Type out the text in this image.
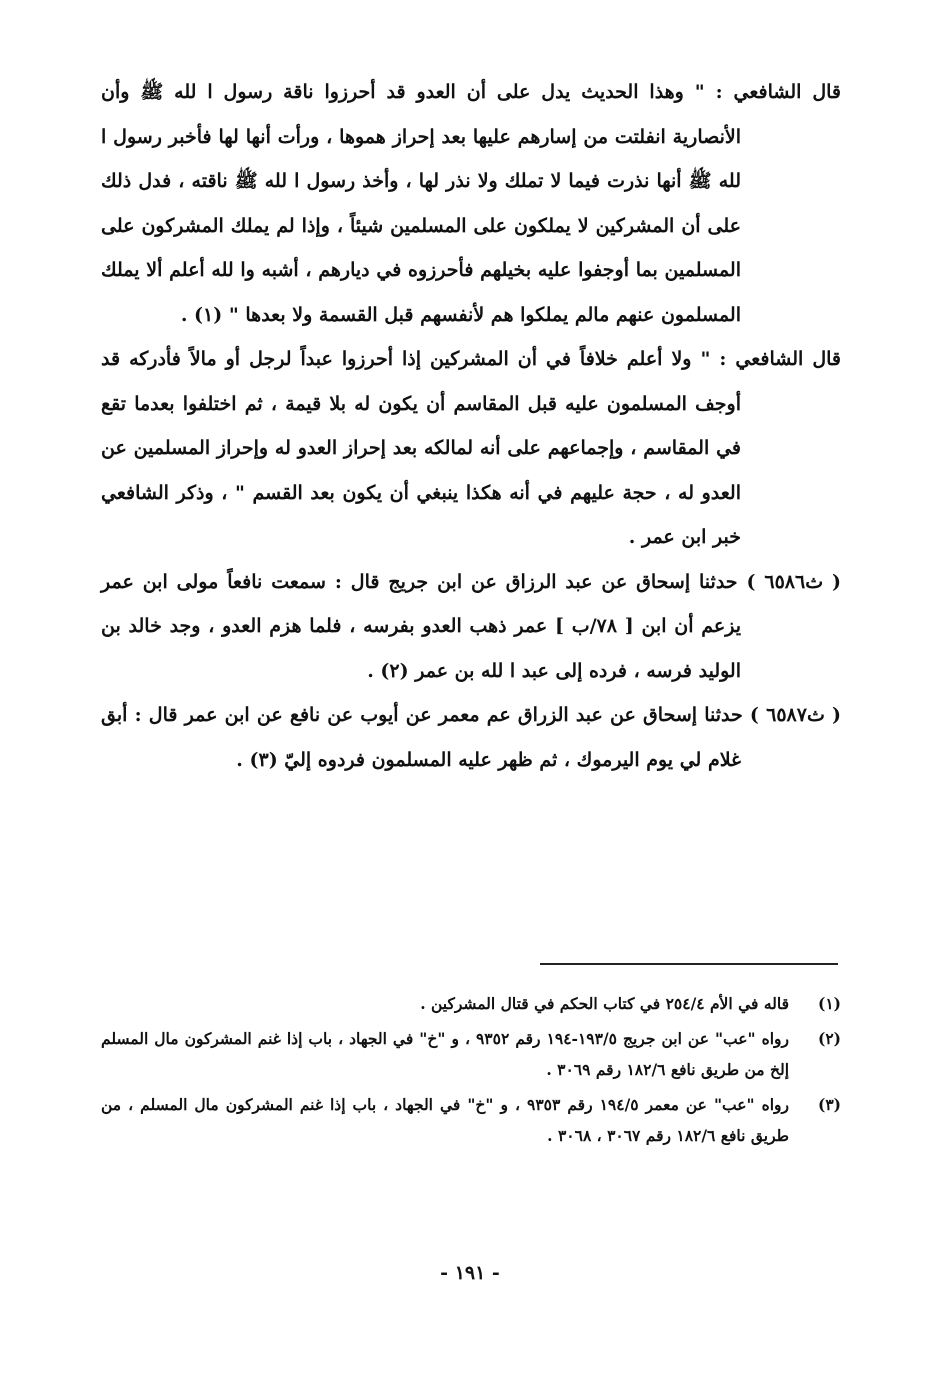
قال الشافعي : " وهذا الحديث يدل على أن العدو قد أحرزوا ناقة رسول ا لله ﷺ وأن الأنصارية انفلتت من إسارهم عليها بعد إحراز هموها ، ورأت أنها لها فأخبر رسول ا لله ﷺ أنها نذرت فيما لا تملك ولا نذر لها ، وأخذ رسول ا لله ﷺ ناقته ، فدل ذلك على أن المشركين لا يملكون على المسلمين شيئاً ، وإذا لم يملك المشركون على المسلمين بما أوجفوا عليه بخيلهم فأحرزوه في ديارهم ، أشبه وا لله أعلم ألا يملك المسلمون عنهم مالم يملكوا هم لأنفسهم قبل القسمة ولا بعدها " (١) .

قال الشافعي : " ولا أعلم خلافاً في أن المشركين إذا أحرزوا عبداً لرجل أو مالاً فأدركه قد أوجف المسلمون عليه قبل المقاسم أن يكون له بلا قيمة ، ثم اختلفوا بعدما تقع في المقاسم ، وإجماعهم على أنه لمالكه بعد إحراز العدو له وإحراز المسلمين عن العدو له ، حجة عليهم في أنه هكذا ينبغي أن يكون بعد القسم " ، وذكر الشافعي خبر ابن عمر .

( ث٦٥٨٦ ) حدثنا إسحاق عن عبد الرزاق عن ابن جريج قال : سمعت نافعاً مولى ابن عمر يزعم أن ابن [ ٧٨/ب ] عمر ذهب العدو بفرسه ، فلما هزم العدو ، وجد خالد بن الوليد فرسه ، فرده إلى عبد ا لله بن عمر (٢) .

( ث٦٥٨٧ ) حدثنا إسحاق عن عبد الزراق عم معمر عن أيوب عن نافع عن ابن عمر قال : أبق غلام لي يوم اليرموك ، ثم ظهر عليه المسلمون فردوه إليّ (٣) .

(١)
قاله في الأم ٢٥٤/٤ في كتاب الحكم في قتال المشركين .
(٢)
رواه "عب" عن ابن جريج ١٩٣/٥-١٩٤ رقم ٩٣٥٢ ، و "خ" في الجهاد ، باب إذا غنم المشركون مال المسلم إلخ من طريق نافع ١٨٢/٦ رقم ٣٠٦٩ .
(٣)
رواه "عب" عن معمر ١٩٤/٥ رقم ٩٣٥٣ ، و "خ" في الجهاد ، باب إذا غنم المشركون مال المسلم ، من طريق نافع ١٨٢/٦ رقم ٣٠٦٧ ، ٣٠٦٨ .
- ١٩١ -
